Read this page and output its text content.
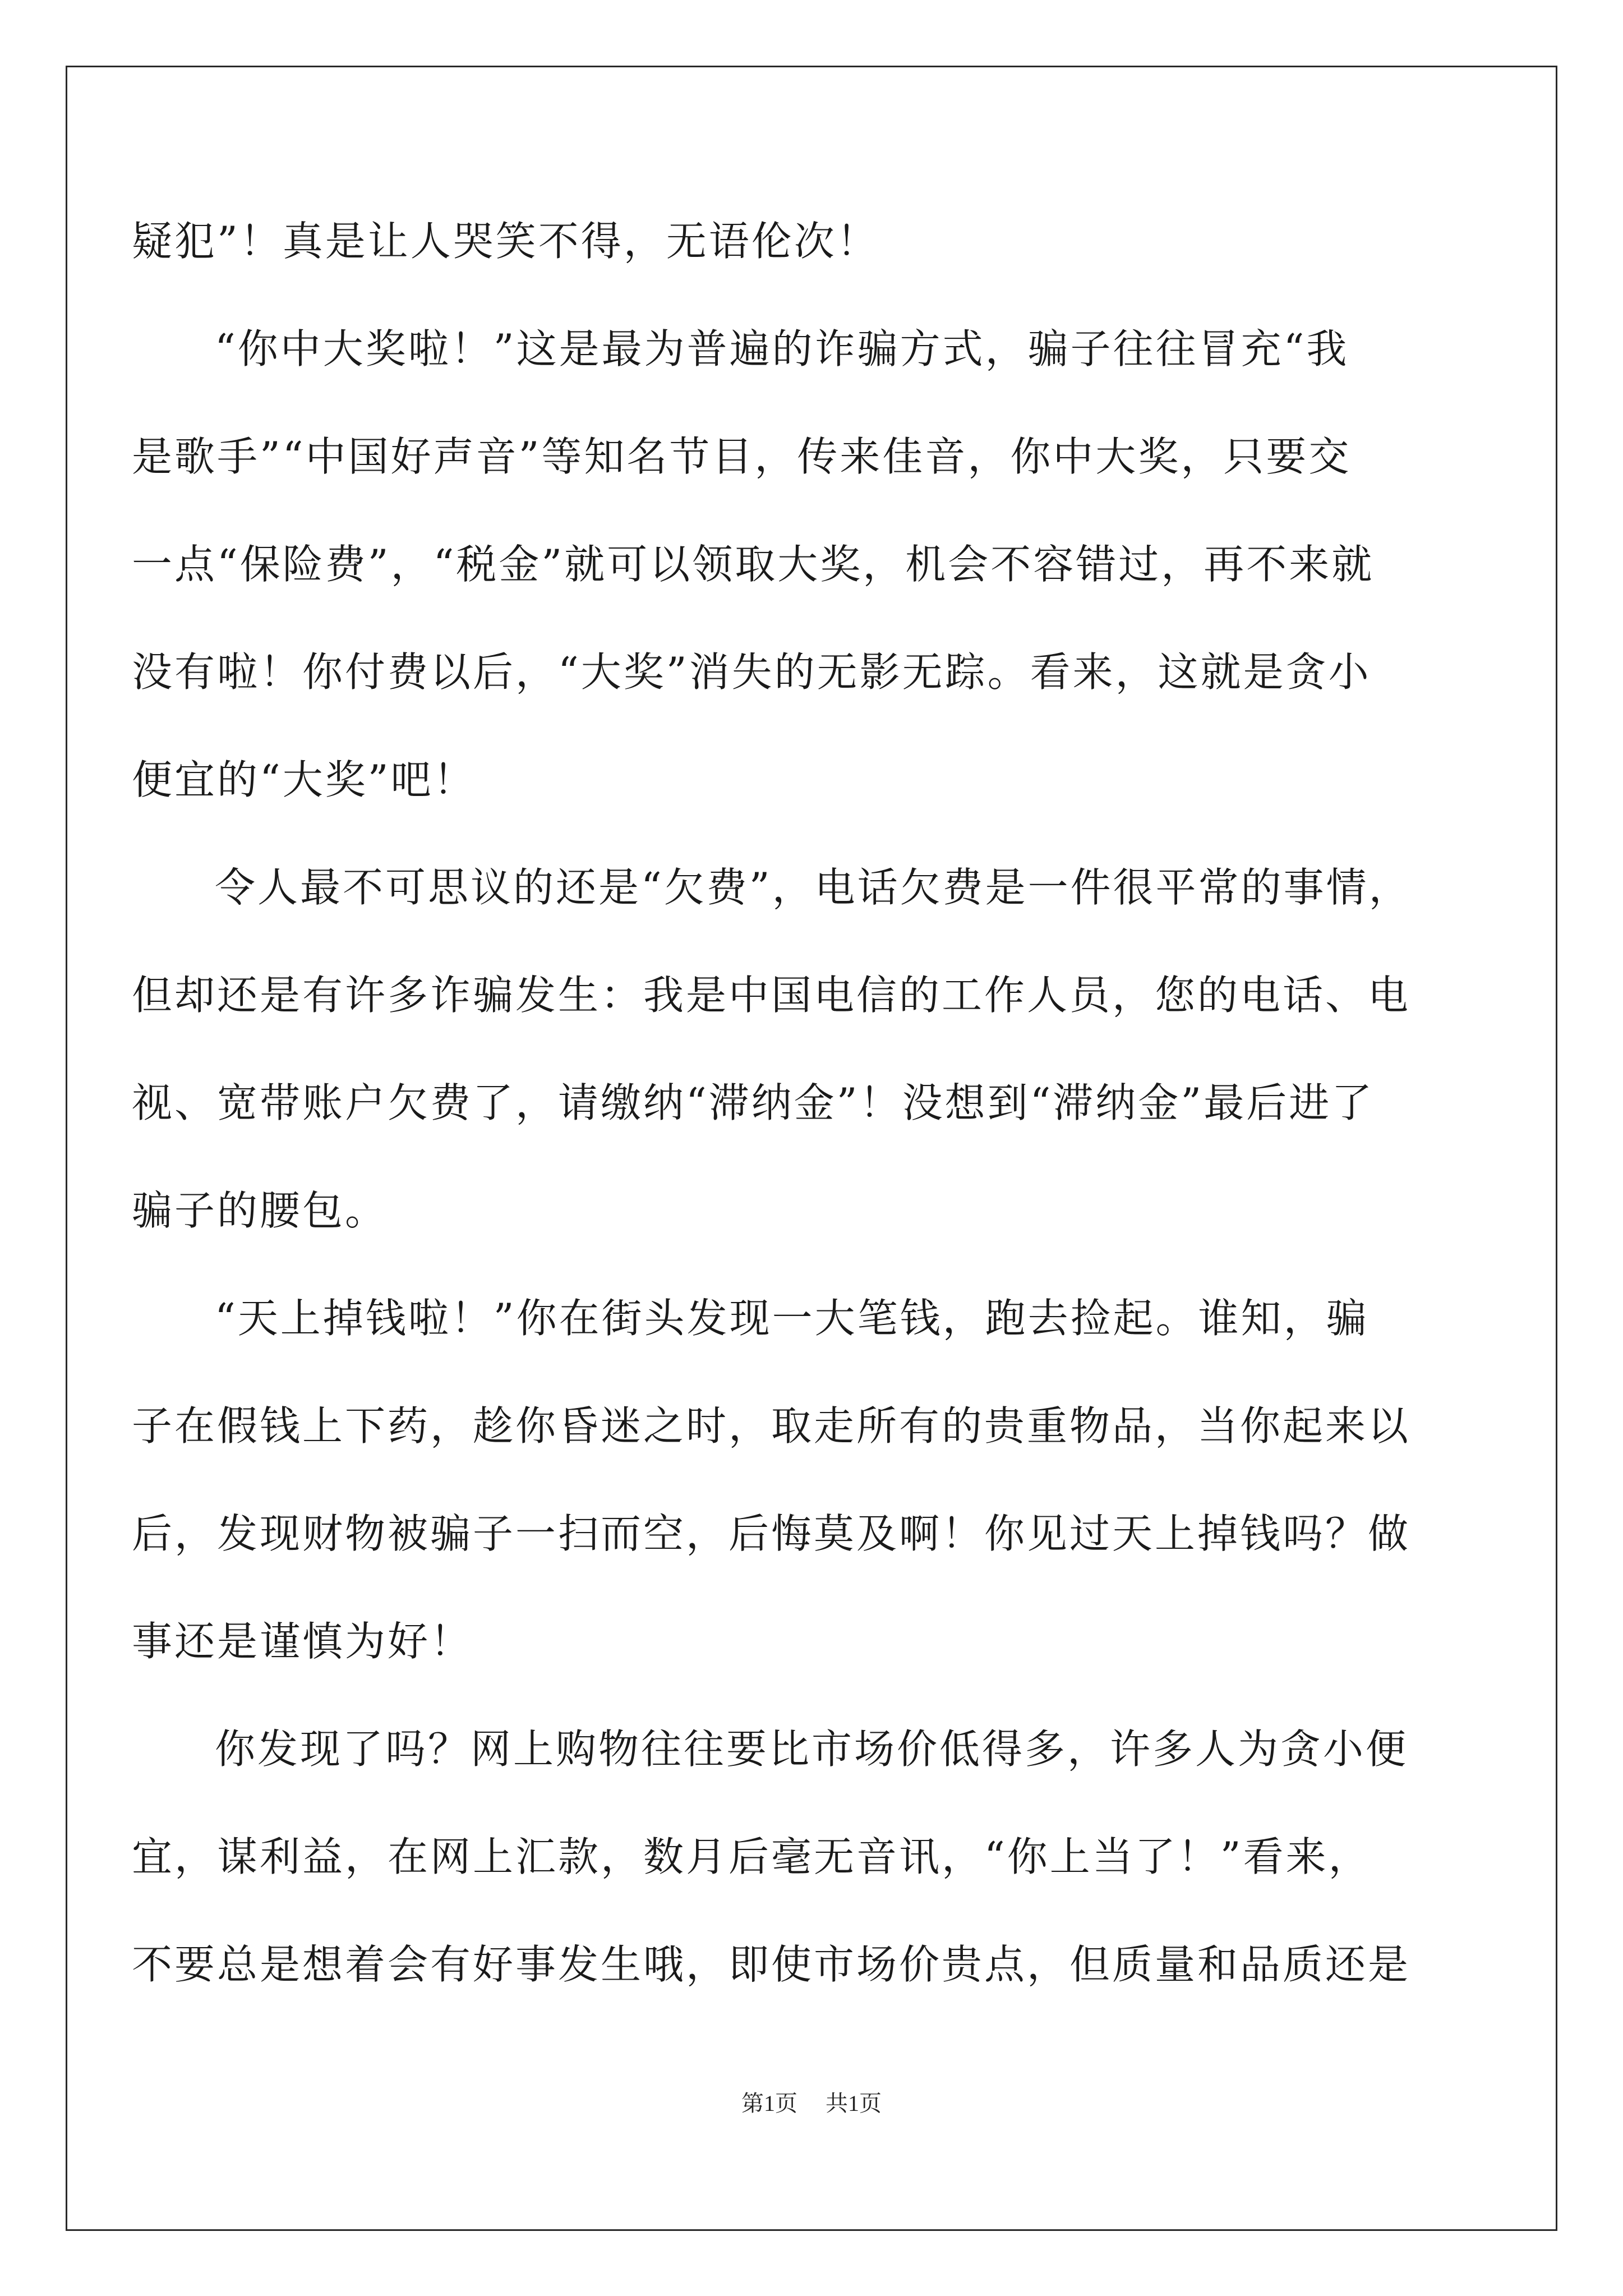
疑犯”！真是让人哭笑不得，无语伦次！
“你中大奖啦！”这是最为普遍的诈骗方式，骗子往往冒充“我
是歌手”“中国好声音”等知名节目，传来佳音，你中大奖，只要交
一点“保险费”，“税金”就可以领取大奖，机会不容错过，再不来就
没有啦！你付费以后，“大奖”消失的无影无踪。看来，这就是贪小
便宜的“大奖”吧！
令人最不可思议的还是“欠费”，电话欠费是一件很平常的事情，
但却还是有许多诈骗发生：我是中国电信的工作人员，您的电话、电
视、宽带账户欠费了，请缴纳“滞纳金”！没想到“滞纳金”最后进了
骗子的腰包。
“天上掉钱啦！”你在街头发现一大笔钱，跑去捡起。谁知，骗
子在假钱上下药，趁你昏迷之时，取走所有的贵重物品，当你起来以
后，发现财物被骗子一扫而空，后悔莫及啊！你见过天上掉钱吗？做
事还是谨慎为好！
你发现了吗？网上购物往往要比市场价低得多，许多人为贪小便
宜，谋利益，在网上汇款，数月后毫无音讯，“你上当了！”看来，
不要总是想着会有好事发生哦，即使市场价贵点，但质量和品质还是
第1页 共1页
